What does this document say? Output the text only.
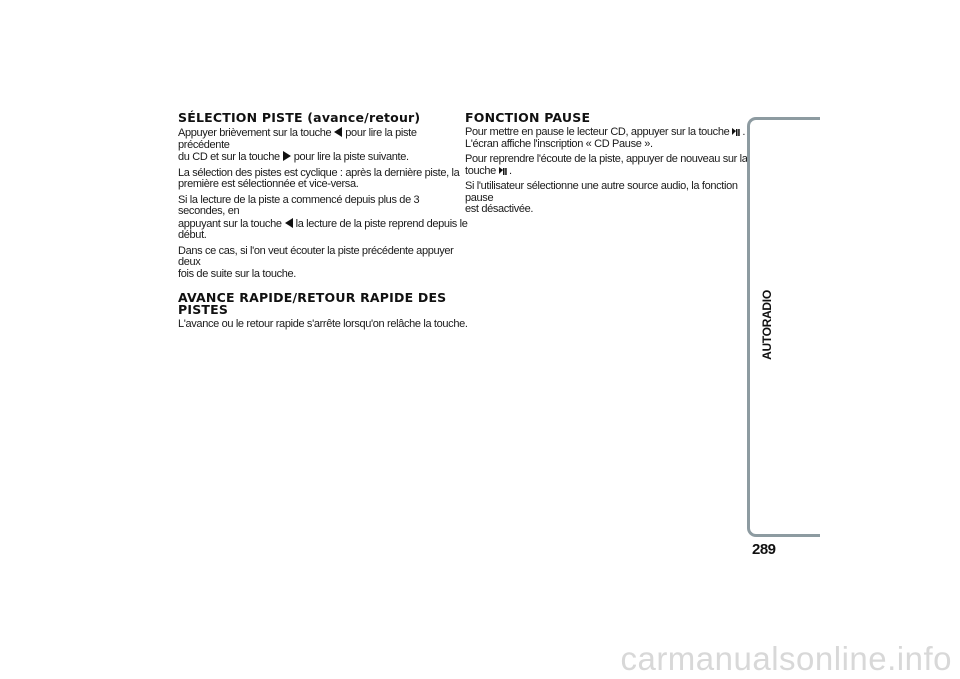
SÉLECTION PISTE (avance/retour)

Appuyer brièvement sur la touche pour lire la piste précédente
du CD et sur la touche pour lire la piste suivante.

La sélection des pistes est cyclique : après la dernière piste, la
première est sélectionnée et vice-versa.

Si la lecture de la piste a commencé depuis plus de 3 secondes, en
appuyant sur la touche la lecture de la piste reprend depuis le
début.

Dans ce cas, si l'on veut écouter la piste précédente appuyer deux
fois de suite sur la touche.

AVANCE RAPIDE/RETOUR RAPIDE DES
PISTES

L'avance ou le retour rapide s'arrête lorsqu'on relâche la touche.

FONCTION PAUSE

Pour mettre en pause le lecteur CD, appuyer sur la touche .
L'écran affiche l'inscription « CD Pause ».

Pour reprendre l'écoute de la piste, appuyer de nouveau sur la
touche .

Si l'utilisateur sélectionne une autre source audio, la fonction pause
est désactivée.

AUTORADIO
289
carmanualsonline.info
